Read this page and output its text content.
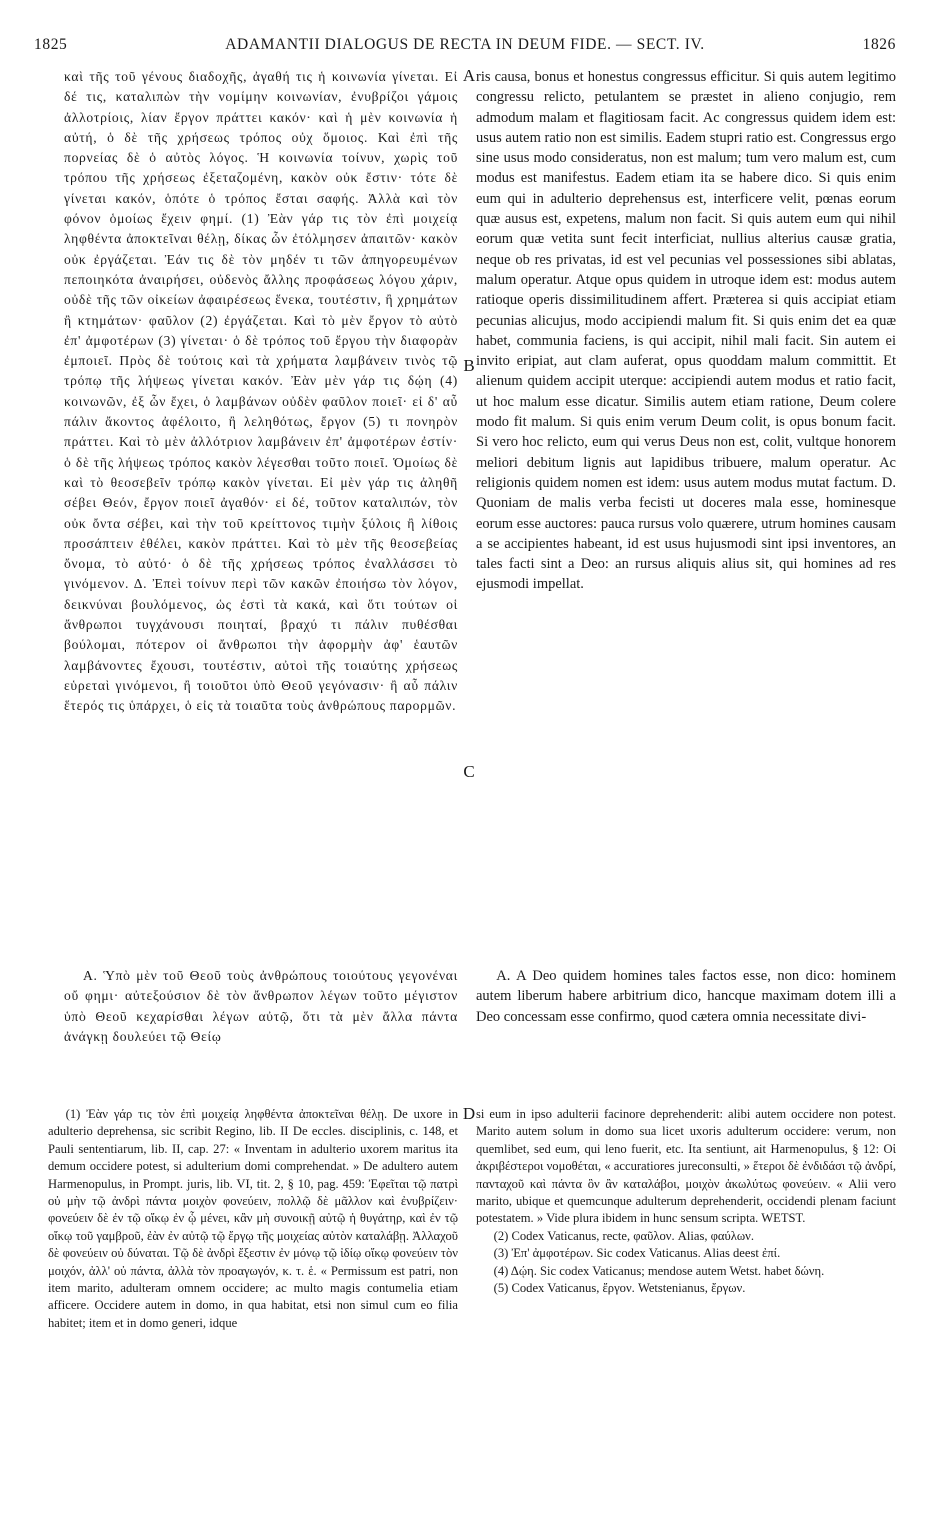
1825	ADAMANTII DIALOGUS DE RECTA IN DEUM FIDE. — SECT. IV.	1826
A
B
C
D

καὶ τῆς τοῦ γένους διαδοχῆς, ἀγαθή τις ἡ κοινωνία γίνεται. Εἰ δέ τις, καταλιπὼν τὴν νομίμην κοινωνίαν, ἐνυβρίζοι γάμοις ἀλλοτρίοις, λίαν ἔργον πράττει κακόν· καὶ ἡ μὲν κοινωνία ἡ αὐτή, ὁ δὲ τῆς χρήσεως τρόπος οὐχ ὅμοιος. Καὶ ἐπὶ τῆς πορνείας δὲ ὁ αὐτὸς λόγος. Ἡ κοινωνία τοίνυν, χωρὶς τοῦ τρόπου τῆς χρήσεως ἐξεταζομένη, κακὸν οὐκ ἔστιν· τότε δὲ γίνεται κακόν, ὁπότε ὁ τρόπος ἔσται σαφής. Ἀλλὰ καὶ τὸν φόνον ὁμοίως ἔχειν φημί. (1) Ἐὰν γάρ τις τὸν ἐπὶ μοιχείᾳ ληφθέντα ἀποκτεῖναι θέλῃ, δίκας ὧν ἐτόλμησεν ἀπαιτῶν· κακὸν οὐκ ἐργάζεται. Ἐάν τις δὲ τὸν μηδέν τι τῶν ἀπηγορευμένων πεποιηκότα ἀναιρήσει, οὐδενὸς ἄλλης προφάσεως λόγου χάριν, οὐδὲ τῆς τῶν οἰκείων ἀφαιρέσεως ἕνεκα, τουτέστιν, ἢ χρημάτων ἢ κτημάτων· φαῦλον (2) ἐργάζεται. Καὶ τὸ μὲν ἔργον τὸ αὐτὸ ἐπ' ἀμφοτέρων (3) γίνεται· ὁ δὲ τρόπος τοῦ ἔργου τὴν διαφορὰν ἐμποιεῖ. Πρὸς δὲ τούτοις καὶ τὰ χρήματα λαμβάνειν τινὸς τῷ τρόπῳ τῆς λήψεως γίνεται κακόν. Ἐὰν μὲν γάρ τις δῴη (4) κοινωνῶν, ἐξ ὧν ἔχει, ὁ λαμβάνων οὐδὲν φαῦλον ποιεῖ· εἰ δ' αὖ πάλιν ἄκοντος ἀφέλοιτο, ἢ λεληθότως, ἔργον (5) τι πονηρὸν πράττει. Καὶ τὸ μὲν ἀλλότριον λαμβάνειν ἐπ' ἀμφοτέρων ἐστίν· ὁ δὲ τῆς λήψεως τρόπος κακὸν λέγεσθαι τοῦτο ποιεῖ. Ὁμοίως δὲ καὶ τὸ θεοσεβεῖν τρόπῳ κακὸν γίνεται. Εἰ μὲν γάρ τις ἀληθῆ σέβει Θεόν, ἔργον ποιεῖ ἀγαθόν· εἰ δέ, τοῦτον καταλιπών, τὸν οὐκ ὄντα σέβει, καὶ τὴν τοῦ κρείττονος τιμὴν ξύλοις ἢ λίθοις προσάπτειν ἐθέλει, κακὸν πράττει. Καὶ τὸ μὲν τῆς θεοσεβείας ὄνομα, τὸ αὐτό· ὁ δὲ τῆς χρήσεως τρόπος ἐναλλάσσει τὸ γινόμενον. Δ. Ἐπεὶ τοίνυν περὶ τῶν κακῶν ἐποιήσω τὸν λόγον, δεικνύναι βουλόμενος, ὡς ἐστὶ τὰ κακά, καὶ ὅτι τούτων οἱ ἄνθρωποι τυγχάνουσι ποιηταί, βραχύ τι πάλιν πυθέσθαι βούλομαι, πότερον οἱ ἄνθρωποι τὴν ἀφορμὴν ἀφ' ἑαυτῶν λαμβάνοντες ἔχουσι, τουτέστιν, αὐτοὶ τῆς τοιαύτης χρήσεως εὑρεταὶ γινόμενοι, ἢ τοιοῦτοι ὑπὸ Θεοῦ γεγόνασιν· ἢ αὖ πάλιν ἕτερός τις ὑπάρχει, ὁ εἰς τὰ τοιαῦτα τοὺς ἀνθρώπους παρορμῶν.

ris causa, bonus et honestus congressus efficitur. Si quis autem legitimo congressu relicto, petulantem se præstet in alieno conjugio, rem admodum malam et flagitiosam facit. Ac congressus quidem idem est: usus autem ratio non est similis. Eadem stupri ratio est. Congressus ergo sine usus modo consideratus, non est malum; tum vero malum est, cum modus est manifestus. Eadem etiam ita se habere dico. Si quis enim eum qui in adulterio deprehensus est, interficere velit, pœnas eorum quæ ausus est, expetens, malum non facit. Si quis autem eum qui nihil eorum quæ vetita sunt fecit interficiat, nullius alterius causæ gratia, neque ob res privatas, id est vel pecunias vel possessiones sibi ablatas, malum operatur. Atque opus quidem in utroque idem est: modus autem ratioque operis dissimilitudinem affert. Præterea si quis accipiat etiam pecunias alicujus, modo accipiendi malum fit. Si quis enim det ea quæ habet, communia faciens, is qui accipit, nihil mali facit. Sin autem ei invito eripiat, aut clam auferat, opus quoddam malum committit. Et alienum quidem accipit uterque: accipiendi autem modus et ratio facit, ut hoc malum esse dicatur. Similis autem etiam ratione, Deum colere modo fit malum. Si quis enim verum Deum colit, is opus bonum facit. Si vero hoc relicto, eum qui verus Deus non est, colit, vultque honorem meliori debitum lignis aut lapidibus tribuere, malum operatur. Ac religionis quidem nomen est idem: usus autem modus mutat factum. D. Quoniam de malis verba fecisti ut doceres mala esse, hominesque eorum esse auctores: pauca rursus volo quærere, utrum homines causam a se accipientes habeant, id est usus hujusmodi sint ipsi inventores, an tales facti sint a Deo: an rursus aliquis alius sit, qui homines ad res ejusmodi impellat.

Α. Ὑπὸ μὲν τοῦ Θεοῦ τοὺς ἀνθρώπους τοιούτους γεγονέναι οὔ φημι· αὐτεξούσιον δὲ τὸν ἄνθρωπον λέγων τοῦτο μέγιστον ὑπὸ Θεοῦ κεχαρίσθαι λέγων αὐτῷ, ὅτι τὰ μὲν ἄλλα πάντα ἀνάγκῃ δουλεύει τῷ Θείῳ

A. A Deo quidem homines tales factos esse, non dico: hominem autem liberum habere arbitrium dico, hancque maximam dotem illi a Deo concessam esse confirmo, quod cætera omnia necessitate divi-

(1) Ἐὰν γάρ τις τὸν ἐπὶ μοιχείᾳ ληφθέντα ἀποκτεῖναι θέλῃ. De uxore in adulterio deprehensa, sic scribit Regino, lib. II De eccles. disciplinis, c. 148, et Pauli sententiarum, lib. II, cap. 27: « Inventam in adulterio uxorem maritus ita demum occidere potest, si adulterium domi comprehendat. » De adultero autem Harmenopulus, in Prompt. juris, lib. VI, tit. 2, § 10, pag. 459: Ἐφεῖται τῷ πατρὶ οὐ μὴν τῷ ἀνδρὶ πάντα μοιχὸν φονεύειν, πολλῷ δὲ μᾶλλον καὶ ἐνυβρίζειν· φονεύειν δὲ ἐν τῷ οἴκῳ ἐν ᾧ μένει, κἂν μὴ συνοικῇ αὐτῷ ἡ θυγάτηρ, καὶ ἐν τῷ οἴκῳ τοῦ γαμβροῦ, ἐὰν ἐν αὐτῷ τῷ ἔργῳ τῆς μοιχείας αὐτὸν καταλάβῃ. Ἀλλαχοῦ δὲ φονεύειν οὐ δύναται. Τῷ δὲ ἀνδρὶ ἔξεστιν ἐν μόνῳ τῷ ἰδίῳ οἴκῳ φονεύειν τὸν μοιχόν, ἀλλ' οὐ πάντα, ἀλλὰ τὸν προαγωγόν, κ. τ. ἑ. « Permissum est patri, non item marito, adulteram omnem occidere; ac multo magis contumelia etiam afficere. Occidere autem in domo, in qua habitat, etsi non simul cum eo filia habitet; item et in domo generi, idque

si eum in ipso adulterii facinore deprehenderit: alibi autem occidere non potest. Marito autem solum in domo sua licet uxoris adulterum occidere: verum, non quemlibet, sed eum, qui leno fuerit, etc. Ita sentiunt, ait Harmenopulus, § 12: Οἱ ἀκριβέστεροι νομοθέται, « accuratiores jureconsulti, » ἕτεροι δὲ ἐνδιδάσι τῷ ἀνδρί, πανταχοῦ καὶ πάντα ὃν ἂν καταλάβοι, μοιχὸν ἀκωλύτως φονεύειν. « Alii vero marito, ubique et quemcunque adulterum deprehenderit, occidendi plenam faciunt potestatem. » Vide plura ibidem in hunc sensum scripta. WETST.

(2) Codex Vaticanus, recte, φαῦλον. Alias, φαύλων.

(3) Ἐπ' ἀμφοτέρων. Sic codex Vaticanus. Alias deest ἐπί.

(4) Δῴη. Sic codex Vaticanus; mendose autem Wetst. habet δώνη.

(5) Codex Vaticanus, ἔργον. Wetstenianus, ἔργων.
